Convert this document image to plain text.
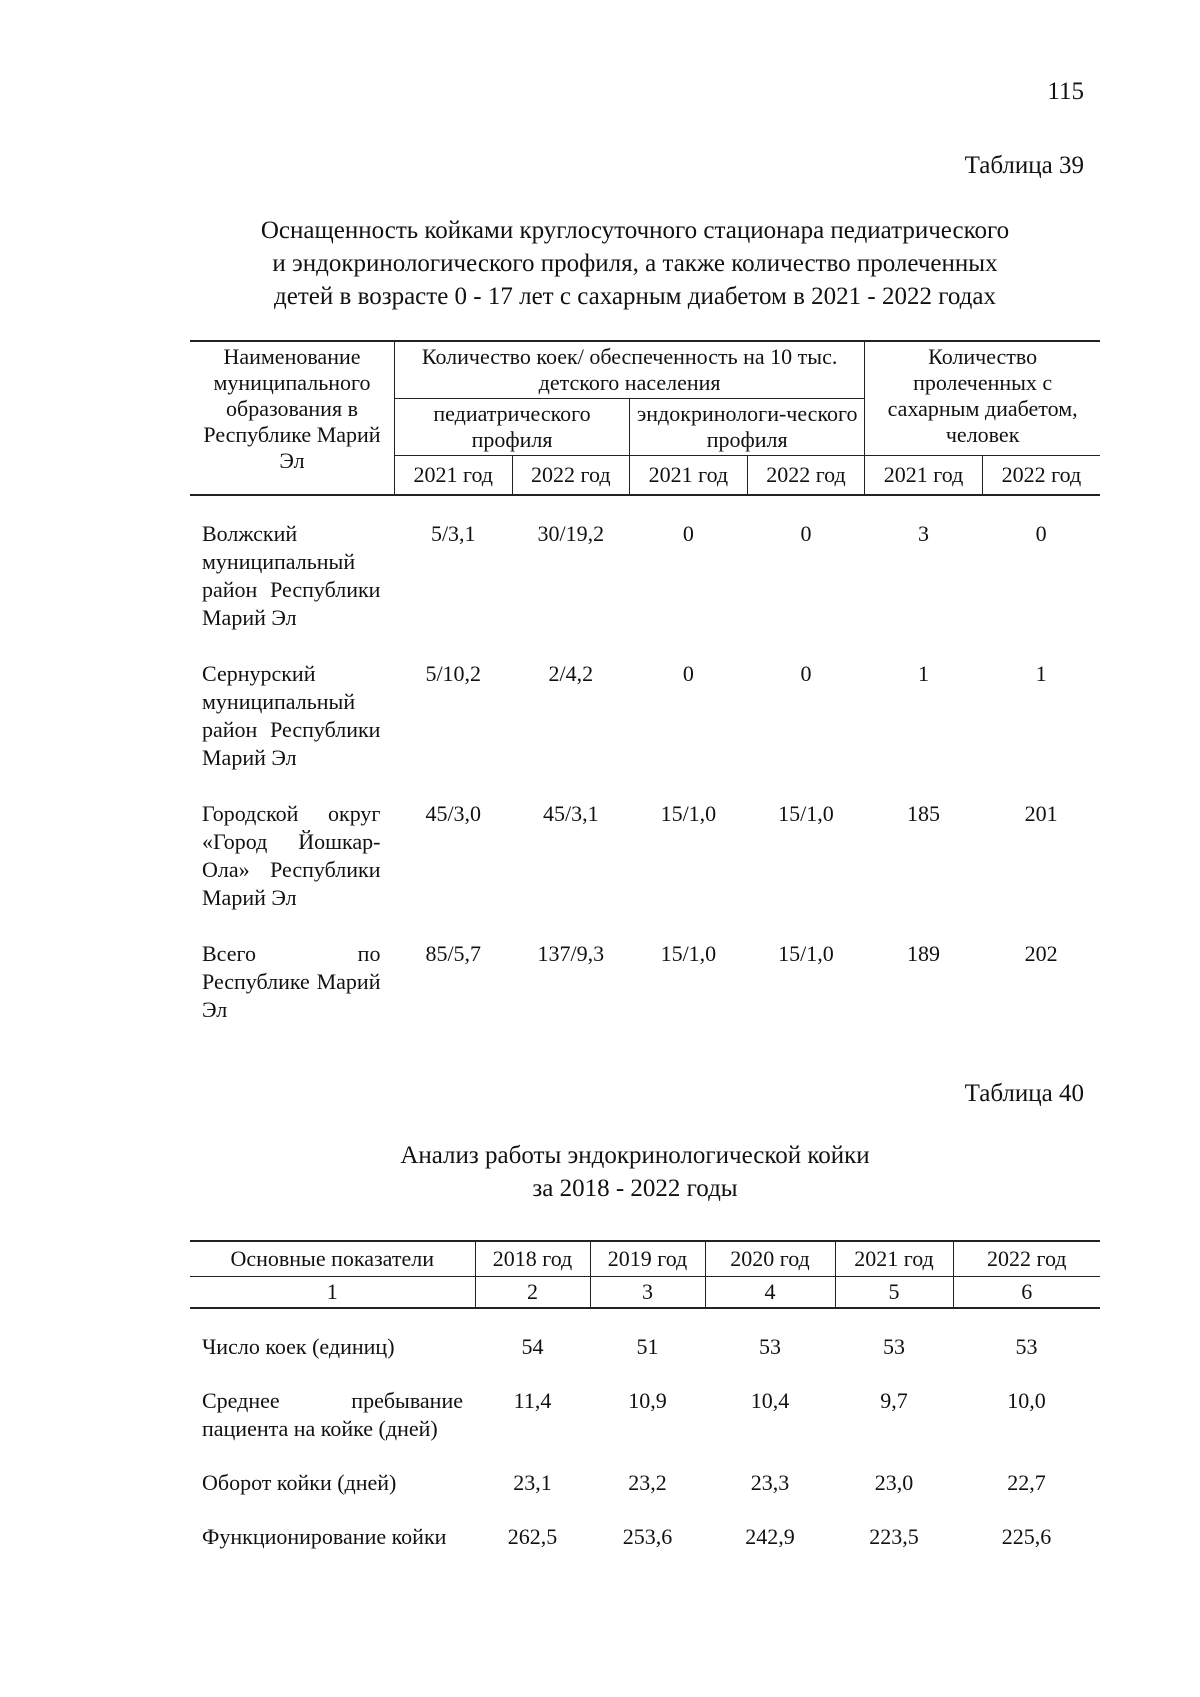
115
Таблица 39
Оснащенность койками круглосуточного стационара педиатрического
и эндокринологического профиля, а также количество пролеченных
детей в возрасте 0 - 17 лет с сахарным диабетом в 2021 - 2022 годах
Наименование муниципального образования в Республике Марий Эл	Количество коек/ обеспеченность на 10 тыс. детского населения				Количество пролеченных с сахарным диабетом, человек	
	педиатрического профиля		эндокринологи-ческого профиля			
	2021 год	2022 год	2021 год	2022 год	2021 год	2022 год

Волжский муниципальный район Республики Марий Эл	5/3,1	30/19,2	0	0	3	0
Сернурский муниципальный район Республики Марий Эл	5/10,2	2/4,2	0	0	1	1
Городской округ «Город Йошкар-Ола» Республики Марий Эл	45/3,0	45/3,1	15/1,0	15/1,0	185	201
Всего по Республике Марий Эл	85/5,7	137/9,3	15/1,0	15/1,0	189	202
Таблица 40
Анализ работы эндокринологической койки
за 2018 - 2022 годы
Основные показатели	2018 год	2019 год	2020 год	2021 год	2022 год
1	2	3	4	5	6

Число коек (единиц)	54	51	53	53	53
Среднее пребывание пациента на койке (дней)	11,4	10,9	10,4	9,7	10,0
Оборот койки (дней)	23,1	23,2	23,3	23,0	22,7
Функционирование койки	262,5	253,6	242,9	223,5	225,6
